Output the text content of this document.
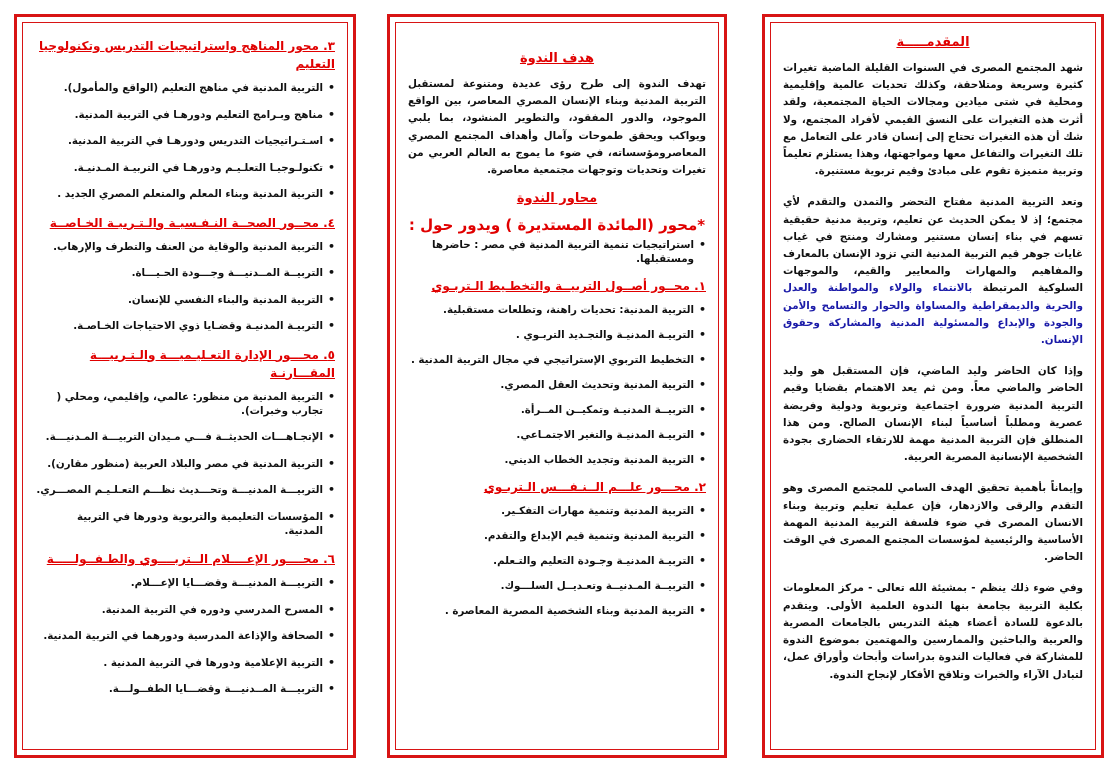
المقدمـــــة

شهد المجتمع المصرى في السنوات القليلة الماضية تغيرات كثيرة وسريعة ومتلاحقة، وكذلك تحديات عالمية وإقليمية ومحلية في شتى ميادين ومجالات الحياة المجتمعية، ولقد أثرت هذه التغيرات على النسق القيمي لأفراد المجتمع، ولا شك أن هذه التغيرات تحتاج إلى إنسان قادر على التعامل مع تلك التغيرات والتفاعل معها ومواجهتها، وهذا يستلزم تعليماً وتربية متميزة تقوم على مبادئ وقيم تربوية مستنيرة.

وتعد التربية المدنية مفتاح التحضر والتمدن والتقدم لأي مجتمع؛ إذ لا يمكن الحديث عن تعليم، وتربية مدنية حقيقية تسهم في بناء إنسان مستنير ومشارك ومنتج في غياب غايات جوهر قيم التربية المدنية التي تزود الإنسان بالمعارف والمفاهيم والمهارات والمعايير والقيم، والموجهات السلوكية المرتبطة بالانتماء والولاء والمواطنة والعدل والحرية والديمقراطية والمساواة والحوار والتسامح والأمن والجودة والإبداع والمسئولية المدنية والمشاركة وحقوق الإنسان.

وإذا كان الحاضر وليد الماضي، فإن المستقبل هو وليد الحاضر والماضي معاً. ومن ثم يعد الاهتمام بقضايا وقيم التربية المدنية ضرورة اجتماعية وتربوية ودولية وفريضة عصرية ومطلباً أساسياً لبناء الإنسان الصالح. ومن هذا المنطلق فإن التربية المدنية مهمة للارتقاء الحضارى بجودة الشخصية الإنسانية المصرية العربية.

وإيماناً بأهمية تحقيق الهدف السامي للمجتمع المصرى وهو التقدم والرقى والازدهار، فإن عملية تعليم وتربية وبناء الانسان المصرى في ضوء فلسفة التربية المدنية المهمة الأساسية والرئيسية لمؤسسات المجتمع المصرى في الوقت الحاضر.

وفي ضوء ذلك ينظم - بمشيئة الله تعالى - مركز المعلومات بكلية التربية بجامعة بنها الندوة العلمية الأولى. ويتقدم بالدعوة للسادة أعضاء هيئة التدريس بالجامعات المصرية والعربية والباحثين والممارسين والمهتمين بموضوع الندوة للمشاركة في فعاليات الندوة بدراسات وأبحاث وأوراق عمل، لتبادل الآراء والخبرات وتلاقح الأفكار لإنجاح الندوة.

هدف الندوة

تهدف الندوة إلى طرح رؤى عديدة ومتنوعة لمستقبل التربية المدنية وبناء الإنسان المصري المعاصر، بين الواقع الموجود، والدور المفقود، والتطوير المنشود، بما يلبي ويواكب ويحقق طموحات وآمال وأهداف المجتمع المصري المعاصرومؤسساته، في ضوء ما يموج به العالم العربي من تغيرات وتحديات وتوجهات مجتمعية معاصرة.

محاور الندوة
*محور (المائدة المستديرة ) ويدور حول :
• استراتيجيات تنمية التربية المدنية في مصر : حاضرها ومستقبلها.
١. محــور أصــول التربيــة والتخطـيط الـتربـوي
• التربية المدنية: تحديات راهنة، وتطلعات مستقبلية.
• التربيـة المدنيـة والتجـديد التربـوي .
• التخطيط التربوي الإستراتيجي في مجال التربية المدنية .
• التربية المدنية وتحديث العقل المصري.
• التربيــة المدنيـة وتمكيــن المــرأة.
• التربيـة المدنيـة والتغير الاجتمـاعي.
• التربية المدنية وتجديد الخطاب الديني.
٢. محـــور علـــم الــنـفـــس الـتربـوي
• التربية المدنية وتنمية مهارات التفكـير.
• التربية المدنية وتنمية قيم الإبداع والتقدم.
• التربيـة المدنيـة وجـودة التعليم والتـعلم.
• التربيــة المـدنيــة وتعـديــل السلـــوك.
• التربية المدنية وبناء الشخصية المصرية المعاصرة .
٣. محور المناهج واستراتيجيات التدريس وتكنولوجيا التعليم
• التربية المدنية في مناهج التعليم (الواقع والمأمول).
• مناهج وبـرامج التعليم ودورهـا في التربية المدنية.
• اسـتـراتيجيات التدريس ودورهـا في التربية المدنية.
• تكنولـوجيـا التعلـيـم ودورهـا في التربيـة المـدنيـة.
• التربية المدنية وبناء المعلم والمتعلم المصري الجديد .
٤. محــور الصحــة النـفـسيـة والـتـربيـة الخـاصــة
• التربية المدنية والوقاية من العنف والتطرف والإرهاب.
• التربيــة المــدنيـــة وجـــودة الحـيـــاة.
• التربية المدنية والبناء النفسي للإنسان.
• التربيـة المدنيـة وقضـايا ذوي الاحتياجات الخـاصـة.
٥. محـــور الإدارة التعـليـميـــة والـتـربيـــة المقـــارنـة
• التربية المدنية من منظور: عالمي، وإقليمي، ومحلي ( تجارب وخبرات).
• الإتجـاهـــات الحديثــة فـــي مـيدان التربيـــة المـدنيـــة.
• التربية المدنية في مصر والبلاد العربية (منظور مقارن).
• التربيـــة المدنيـــة وتحـــديث نظـــم التعـلـيـم المصـــري.
• المؤسسات التعليمية والتربوية ودورها في التربية المدنية.
٦. محــــور الإعــــلام الــتربــــوي والطـفــولـــــة
• التربيـــة المدنيـــة وقضـــايا الإعـــلام.
• المسرح المدرسي ودوره في التربية المدنية.
• الصحافة والإذاعة المدرسية ودورهما في التربية المدنية.
• التربية الإعلامية ودورها في التربية المدنية .
• التربيـــة المــدنيـــة وقضـــايا الطفــولـــة.
